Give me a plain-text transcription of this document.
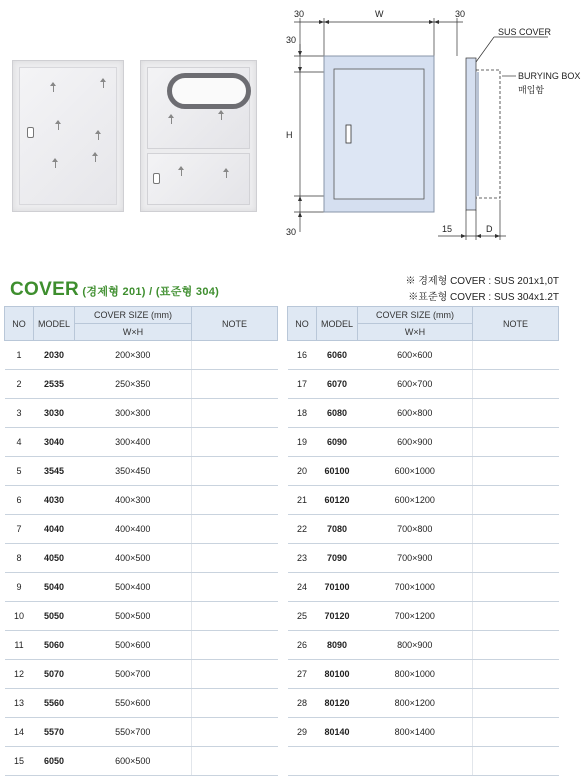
30	W	30
30
H
30	15	D
SUS COVER
BURYING BOX
매입함
COVER (경제형 201) / (표준형 304)
※ 경제형 COVER : SUS 201x1,0T
※표준형 COVER : SUS 304x1.2T
NO	MODEL	COVER SIZE (mm)	NOTE
		W×H	
1	2030	200×300	
2	2535	250×350	
3	3030	300×300	
4	3040	300×400	
5	3545	350×450	
6	4030	400×300	
7	4040	400×400	
8	4050	400×500	
9	5040	500×400	
10	5050	500×500	
11	5060	500×600	
12	5070	500×700	
13	5560	550×600	
14	5570	550×700	
15	6050	600×500	
NO	MODEL	COVER SIZE (mm)	NOTE
		W×H	
16	6060	600×600	
17	6070	600×700	
18	6080	600×800	
19	6090	600×900	
20	60100	600×1000	
21	60120	600×1200	
22	7080	700×800	
23	7090	700×900	
24	70100	700×1000	
25	70120	700×1200	
26	8090	800×900	
27	80100	800×1000	
28	80120	800×1200	
29	80140	800×1400	
